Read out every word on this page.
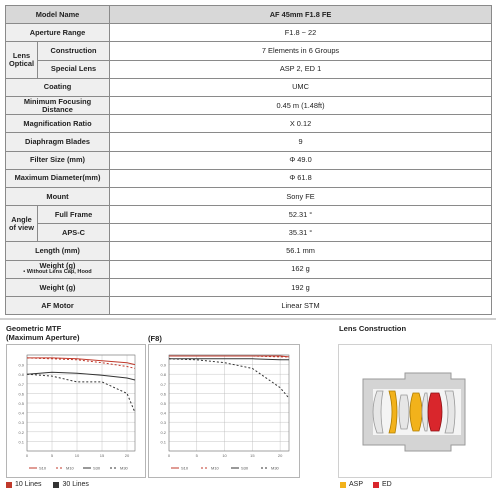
Model Name		AF 45mm F1.8 FE
Aperture Range		F1.8 ~ 22
Lens Optical	Construction	7 Elements in 6 Groups
	Special Lens	ASP 2, ED 1
Coating		UMC
Minimum Focusing Distance		0.45 m (1.48ft)
Magnification Ratio		X 0.12
Diaphragm Blades		9
Filter Size (mm)		Φ 49.0
Maximum Diameter(mm)		Φ 61.8
Mount		Sony FE
Angle of view	Full Frame	52.31 °
	APS-C	35.31 °
Length (mm)		56.1 mm
Weight (g)
• Without Lens Cap, Hood		162 g
Weight (g)		192 g
AF Motor		Linear STM
Geometric MTF
(Maximum Aperture)	(F8)
0.1
0.2
0.3
0.4
0.5
0.6
0.7
0.8
0.9
0	5	10	15	20
S10	M10	S30	M30
0.1
0.2
0.3
0.4
0.5
0.6
0.7
0.8
0.9
0	5	10	15	20
S10	M10	S30	M30
10 Lines	30 Lines
Lens Construction
ASP	ED
